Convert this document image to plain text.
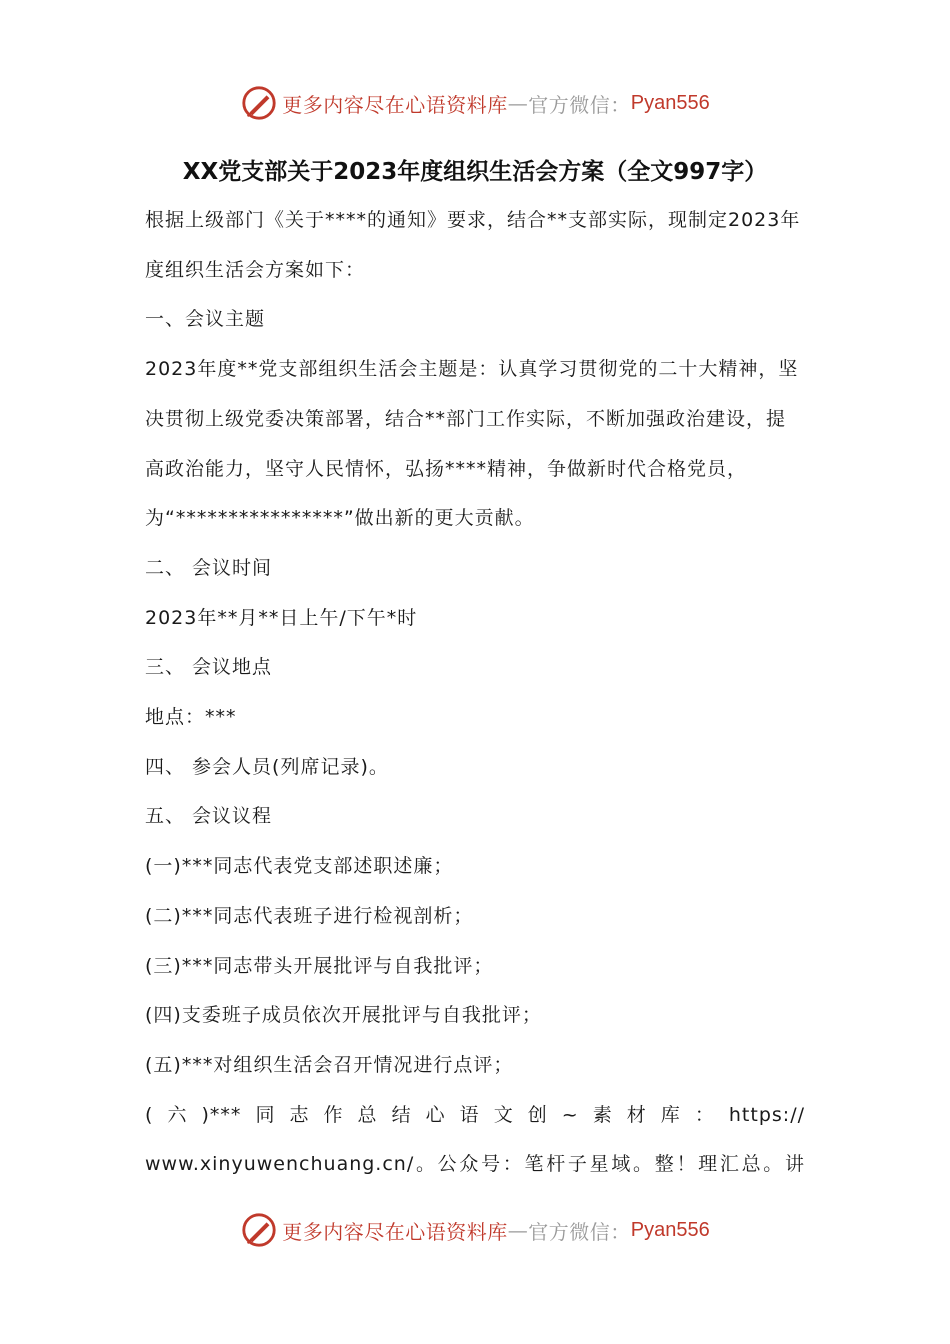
更多内容尽在心语资料库 — 官方微信： Pyan556
XX党支部关于2023年度组织生活会方案（全文997字）

根据上级部门《关于****的通知》要求，结合**支部实际，现制定2023年度组织生活会方案如下：

一、会议主题

2023年度**党支部组织生活会主题是：认真学习贯彻党的二十大精神，坚决贯彻上级党委决策部署，结合**部门工作实际，不断加强政治建设，提高政治能力，坚守人民情怀，弘扬****精神，争做新时代合格党员，为“****************”做出新的更大贡献。

二、 会议时间

2023年**月**日上午/下午*时

三、 会议地点

地点：***

四、 参会人员(列席记录)。

五、 会议议程

(一)***同志代表党支部述职述廉；

(二)***同志代表班子进行检视剖析；

(三)***同志带头开展批评与自我批评；

(四)支委班子成员依次开展批评与自我批评；

(五)***对组织生活会召开情况进行点评；

(六)***同志作总结心语文创~素材库：https://

www.xinyuwenchuang.cn/。公众号：笔杆子星域。整！理汇总。讲

更多内容尽在心语资料库 — 官方微信： Pyan556
